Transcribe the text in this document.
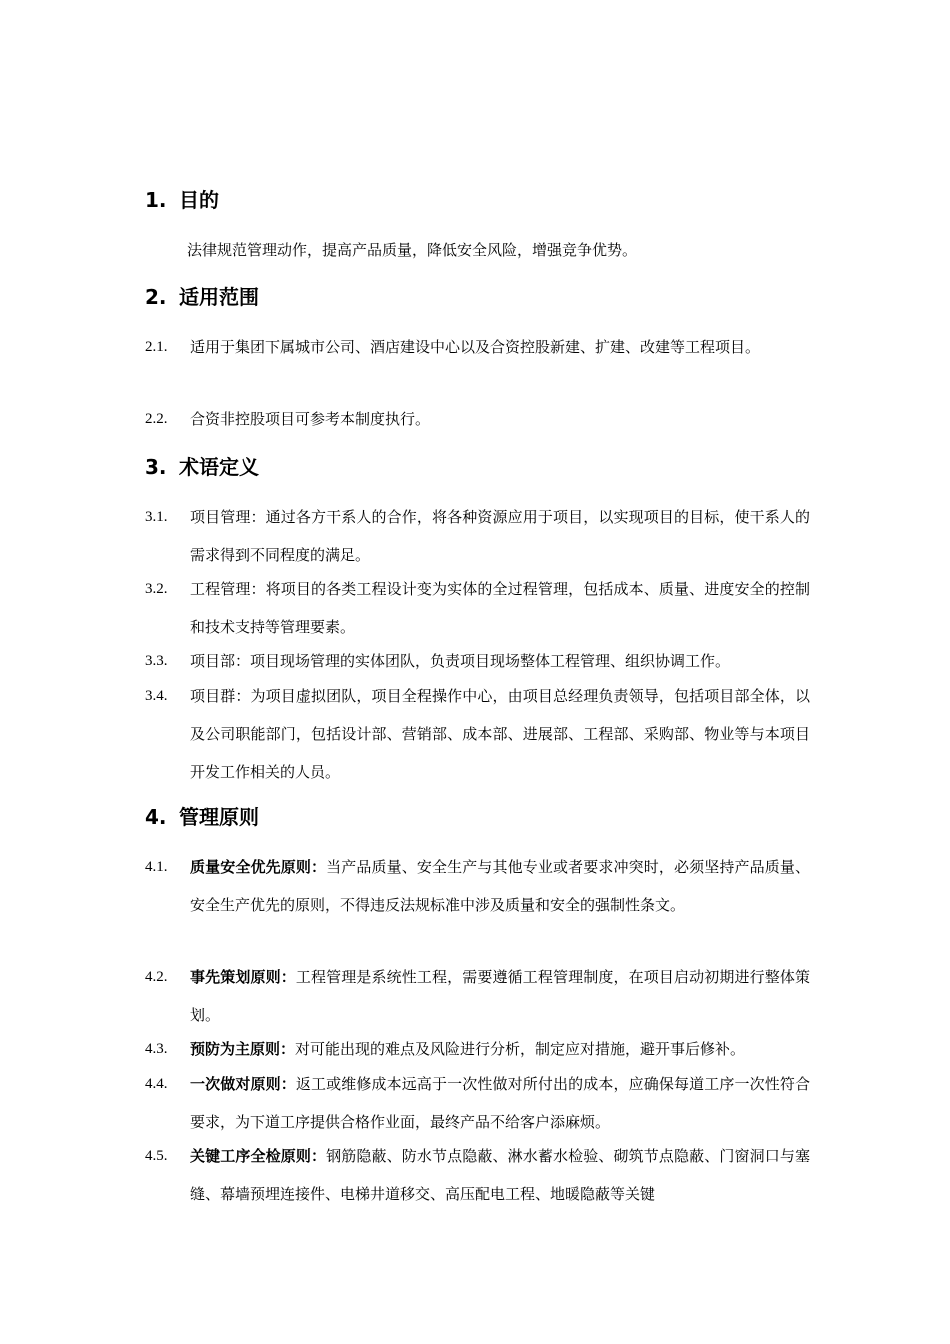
1. 目的
法律规范管理动作，提高产品质量，降低安全风险，增强竞争优势。
2. 适用范围
2.1. 适用于集团下属城市公司、酒店建设中心以及合资控股新建、扩建、改建等工程项目。
2.2. 合资非控股项目可参考本制度执行。
3. 术语定义
3.1. 项目管理：通过各方干系人的合作，将各种资源应用于项目，以实现项目的目标，使干系人的需求得到不同程度的满足。
3.2. 工程管理：将项目的各类工程设计变为实体的全过程管理，包括成本、质量、进度安全的控制和技术支持等管理要素。
3.3. 项目部：项目现场管理的实体团队，负责项目现场整体工程管理、组织协调工作。
3.4. 项目群：为项目虚拟团队，项目全程操作中心，由项目总经理负责领导，包括项目部全体，以及公司职能部门，包括设计部、营销部、成本部、进展部、工程部、采购部、物业等与本项目开发工作相关的人员。
4. 管理原则
4.1. 质量安全优先原则：当产品质量、安全生产与其他专业或者要求冲突时，必须坚持产品质量、安全生产优先的原则，不得违反法规标准中涉及质量和安全的强制性条文。
4.2. 事先策划原则：工程管理是系统性工程，需要遵循工程管理制度，在项目启动初期进行整体策划。
4.3. 预防为主原则：对可能出现的难点及风险进行分析，制定应对措施，避开事后修补。
4.4. 一次做对原则：返工或维修成本远高于一次性做对所付出的成本，应确保每道工序一次性符合要求，为下道工序提供合格作业面，最终产品不给客户添麻烦。
4.5. 关键工序全检原则：钢筋隐蔽、防水节点隐蔽、淋水蓄水检验、砌筑节点隐蔽、门窗洞口与塞缝、幕墙预埋连接件、电梯井道移交、高压配电工程、地暖隐蔽等关键
